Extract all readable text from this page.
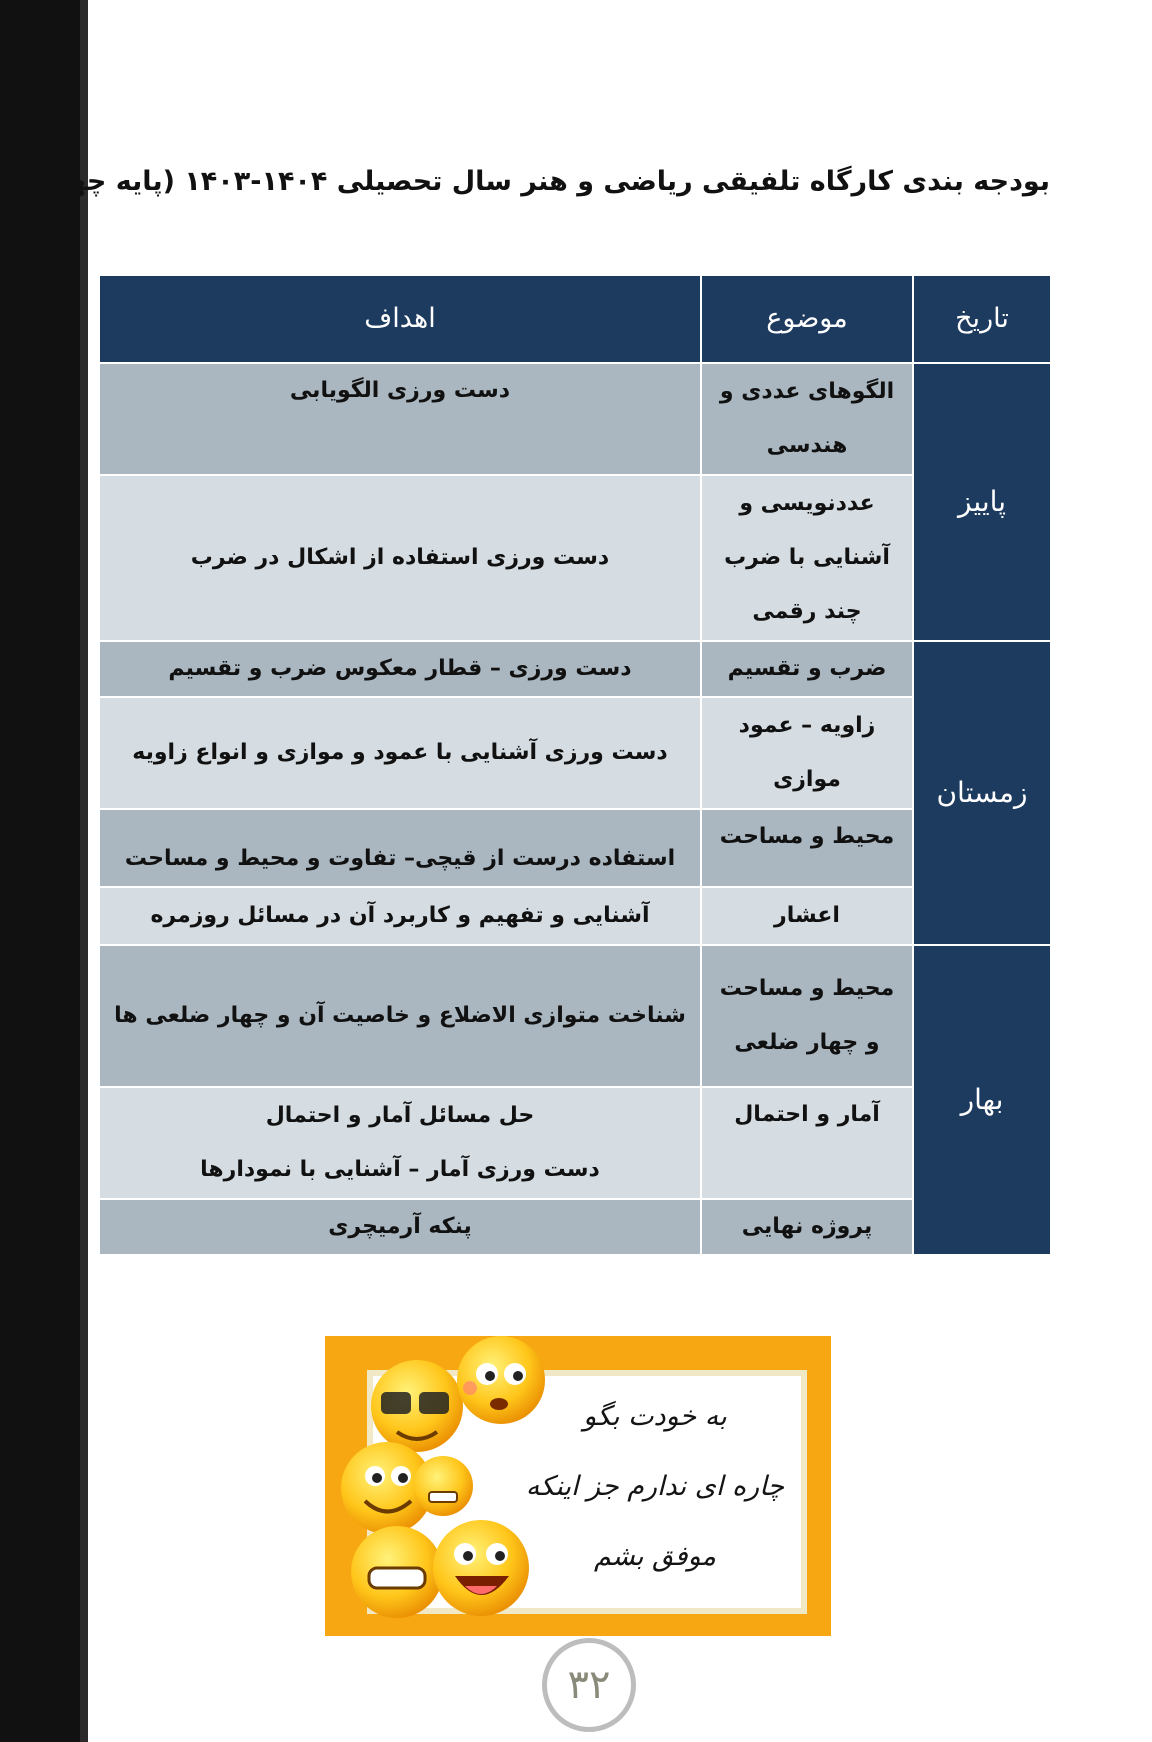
بودجه بندی کارگاه تلفیقی ریاضی و هنر سال تحصیلی ۱۴۰۴-۱۴۰۳ (پایه چهارم)
تاریخ	موضوع	اهداف
پاییز	الگوهای عددی و هندسی	دست ورزی الگویابی
	عددنویسی و آشنایی با ضرب چند رقمی	دست ورزی استفاده از اشکال در ضرب
زمستان	ضرب و تقسیم	دست ورزی – قطار معکوس ضرب و تقسیم
	زاویه – عمود موازی	دست ورزی آشنایی با عمود و موازی و انواع زاویه
	محیط و مساحت	استفاده درست از قیچی– تفاوت و محیط و مساحت
	اعشار	آشنایی و تفهیم و کاربرد آن در مسائل روزمره
بهار	محیط و مساحت و چهار ضلعی	شناخت متوازی الاضلاع و خاصیت آن و چهار ضلعی ها
	آمار و احتمال	حل مسائل آمار و احتمال
دست ورزی آمار – آشنایی با نمودارها

	پروژه نهایی	پنکه آرمیچری
به خودت بگو
چاره ای ندارم جز اینکه
موفق بشم
۳۲
